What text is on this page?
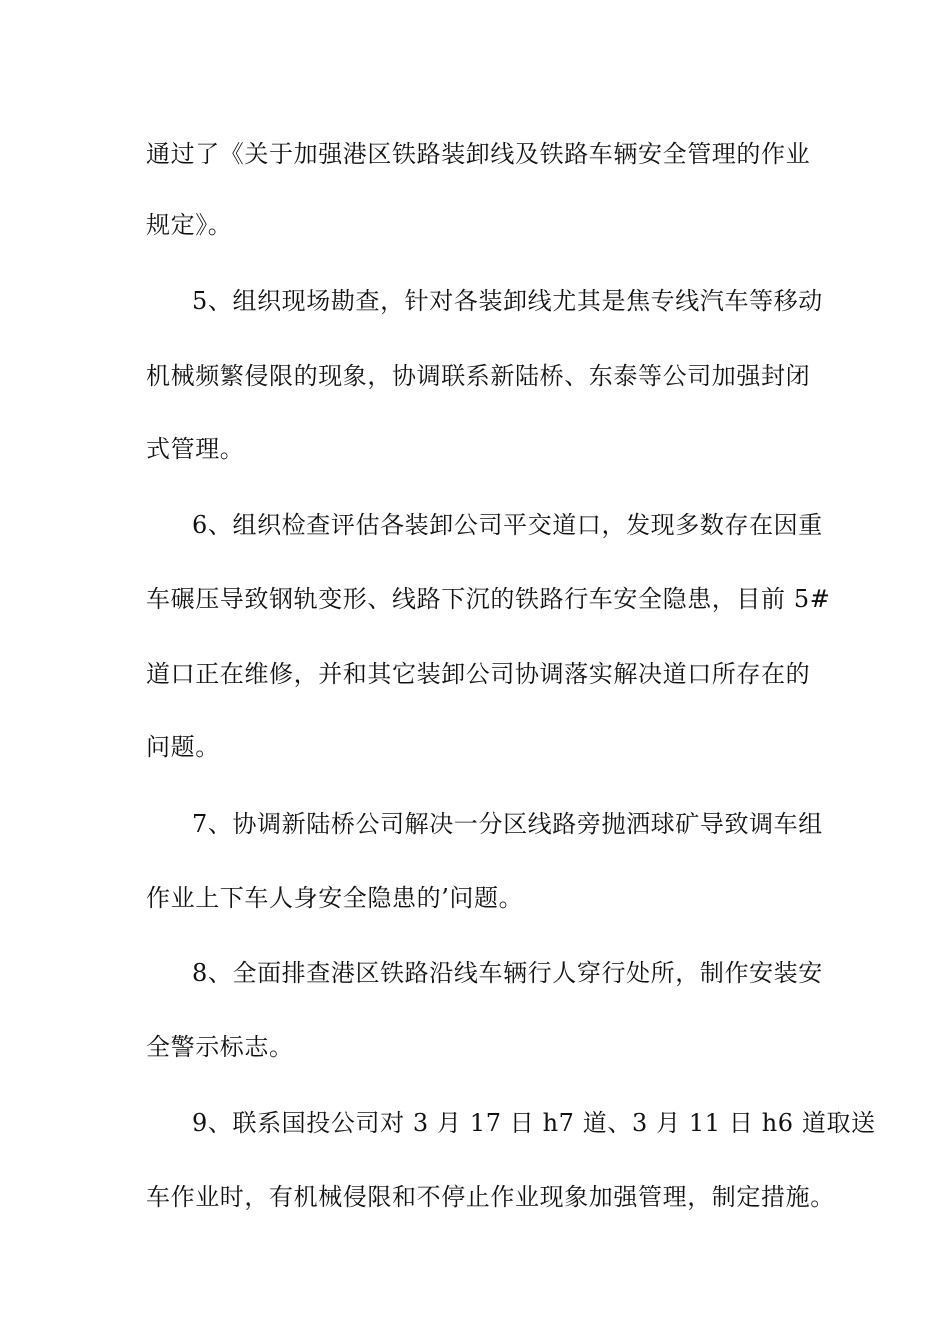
通过了《关于加强港区铁路装卸线及铁路车辆安全管理的作业
规定》。
5、组织现场勘查，针对各装卸线尤其是焦专线汽车等移动
机械频繁侵限的现象，协调联系新陆桥、东泰等公司加强封闭
式管理。
6、组织检查评估各装卸公司平交道口，发现多数存在因重
车碾压导致钢轨变形、线路下沉的铁路行车安全隐患，目前 5#
道口正在维修，并和其它装卸公司协调落实解决道口所存在的
问题。
7、协调新陆桥公司解决一分区线路旁抛洒球矿导致调车组
作业上下车人身安全隐患的’问题。
8、全面排查港区铁路沿线车辆行人穿行处所，制作安装安
全警示标志。
9、联系国投公司对 3 月 17 日 h7 道、3 月 11 日 h6 道取送
车作业时，有机械侵限和不停止作业现象加强管理，制定措施。
